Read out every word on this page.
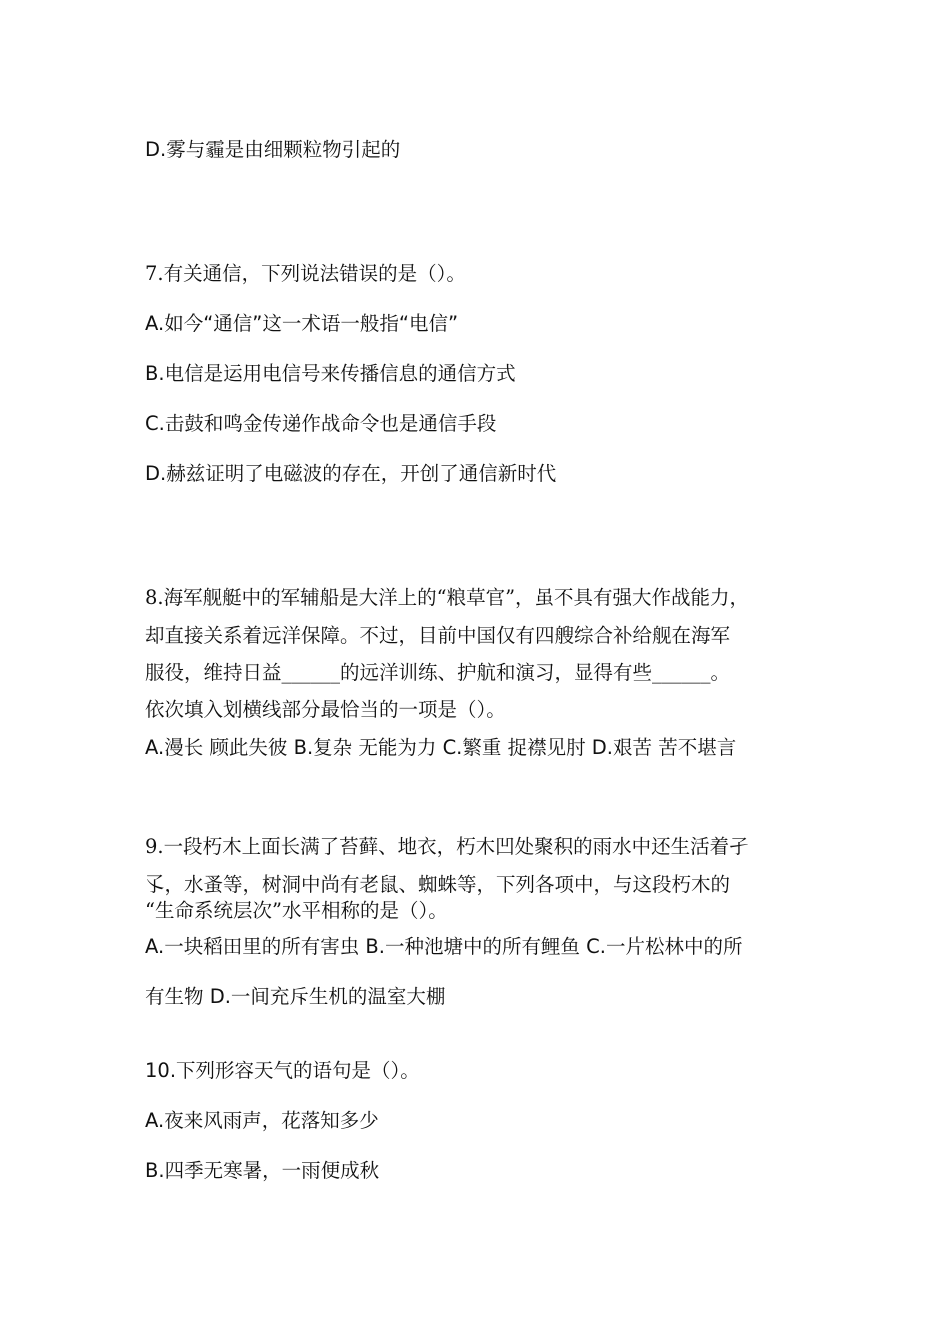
D.雾与霾是由细颗粒物引起的

7.有关通信，下列说法错误的是（）。

A.如今“通信”这一术语一般指“电信”

B.电信是运用电信号来传播信息的通信方式

C.击鼓和鸣金传递作战命令也是通信手段

D.赫兹证明了电磁波的存在，开创了通信新时代

8.海军舰艇中的军辅船是大洋上的“粮草官”，虽不具有强大作战能力，

却直接关系着远洋保障。不过，目前中国仅有四艘综合补给舰在海军

服役，维持日益______的远洋训练、护航和演习，显得有些______。

依次填入划横线部分最恰当的一项是（）。

A.漫长 顾此失彼 B.复杂 无能为力 C.繁重 捉襟见肘 D.艰苦 苦不堪言

9.一段朽木上面长满了苔藓、地衣，朽木凹处聚积的雨水中还生活着孑

孓，水蚤等，树洞中尚有老鼠、蜘蛛等，下列各项中，与这段朽木的

“生命系统层次”水平相称的是（）。

A.一块稻田里的所有害虫 B.一种池塘中的所有鲤鱼 C.一片松林中的所

有生物 D.一间充斥生机的温室大棚

10.下列形容天气的语句是（）。

A.夜来风雨声，花落知多少

B.四季无寒暑，一雨便成秋
